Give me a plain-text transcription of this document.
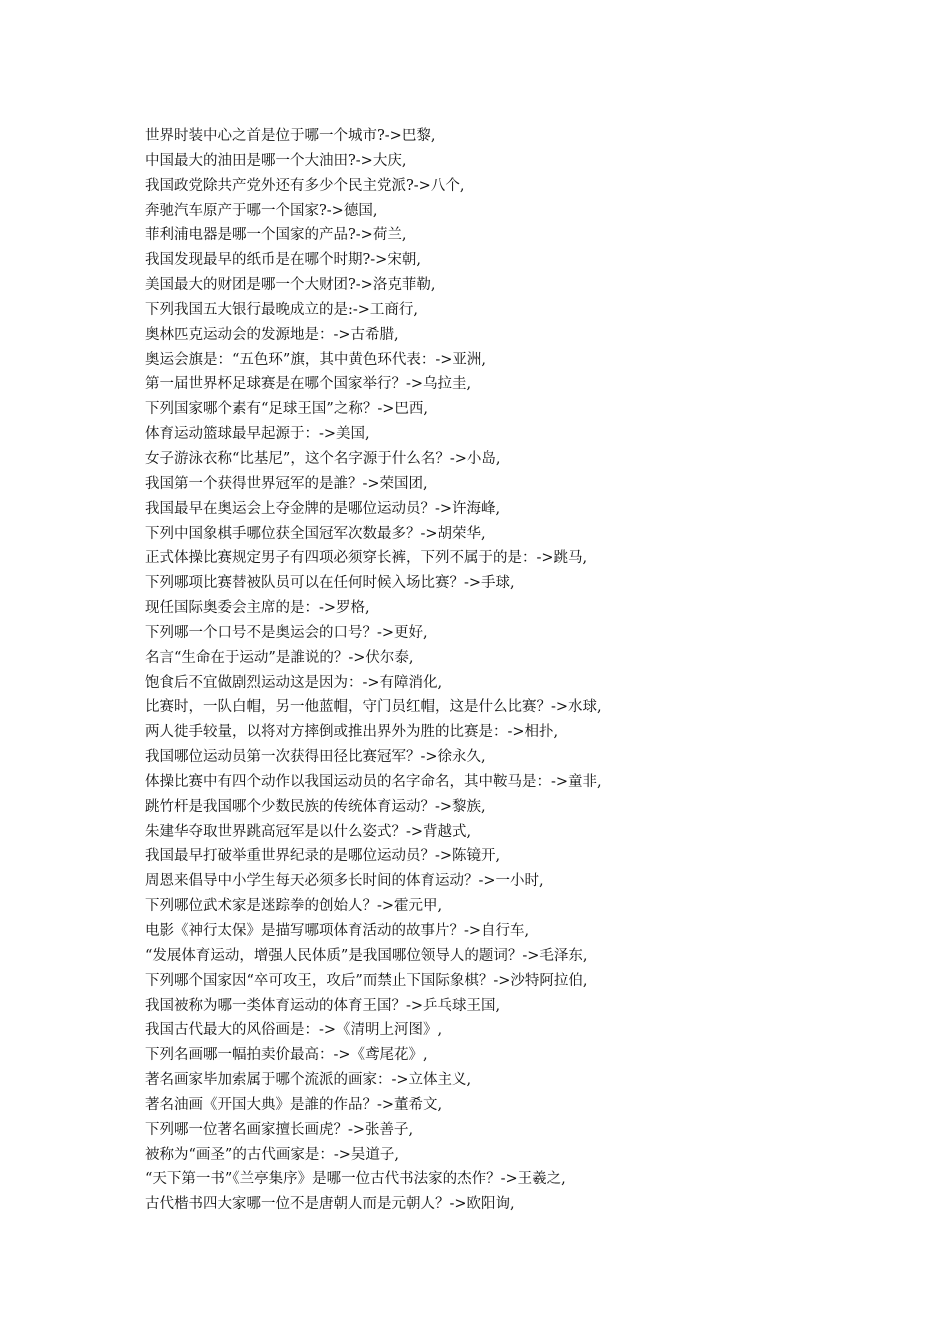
世界时装中心之首是位于哪一个城市?->巴黎,
中国最大的油田是哪一个大油田?->大庆,
我国政党除共产党外还有多少个民主党派?->八个,
奔驰汽车原产于哪一个国家?->德国,
菲利浦电器是哪一个国家的产品?->荷兰,
我国发现最早的纸币是在哪个时期?->宋朝,
美国最大的财团是哪一个大财团?->洛克菲勒,
下列我国五大银行最晚成立的是:->工商行,
奥林匹克运动会的发源地是：->古希腊,
奥运会旗是：“五色环”旗，其中黄色环代表：->亚洲,
第一届世界杯足球赛是在哪个国家举行？->乌拉圭,
下列国家哪个素有“足球王国”之称？->巴西,
体育运动篮球最早起源于：->美国,
女子游泳衣称“比基尼”，这个名字源于什么名？->小岛,
我国第一个获得世界冠军的是誰？->荣国团,
我国最早在奥运会上夺金牌的是哪位运动员？->许海峰,
下列中国象棋手哪位获全国冠军次数最多？->胡荣华,
正式体操比赛规定男子有四项必须穿长裤，下列不属于的是：->跳马,
下列哪项比赛替被队员可以在任何时候入场比赛？->手球,
现任国际奥委会主席的是：->罗格,
下列哪一个口号不是奥运会的口号？->更好,
名言“生命在于运动”是誰说的？->伏尔泰,
饱食后不宜做剧烈运动这是因为：->有障消化,
比赛时，一队白帽，另一他蓝帽，守门员红帽，这是什么比赛？->水球,
两人徙手较量，以将对方摔倒或推出界外为胜的比赛是：->相扑,
我国哪位运动员第一次获得田径比赛冠军？->徐永久,
体操比赛中有四个动作以我国运动员的名字命名，其中鞍马是：->童非,
跳竹杆是我国哪个少数民族的传统体育运动？->黎族,
朱建华夺取世界跳高冠军是以什么姿式？->背越式,
我国最早打破举重世界纪录的是哪位运动员？->陈镜开,
周恩来倡导中小学生每天必须多长时间的体育运动？->一小时,
下列哪位武术家是迷踪拳的创始人？->霍元甲,
电影《神行太保》是描写哪项体育活动的故事片？->自行车,
“发展体育运动，增强人民体质”是我国哪位领导人的题词？->毛泽东,
下列哪个国家因“卒可攻王，攻后”而禁止下国际象棋？->沙特阿拉伯,
我国被称为哪一类体育运动的体育王国？->乒乓球王国,
我国古代最大的风俗画是：->《清明上河图》,
下列名画哪一幅拍卖价最高：->《鸢尾花》,
著名画家毕加索属于哪个流派的画家：->立体主义,
著名油画《开国大典》是誰的作品？->董希文,
下列哪一位著名画家擅长画虎？->张善子,
被称为“画圣”的古代画家是：->吴道子,
“天下第一书”《兰亭集序》是哪一位古代书法家的杰作？->王羲之,
古代楷书四大家哪一位不是唐朝人而是元朝人？->欧阳询,
